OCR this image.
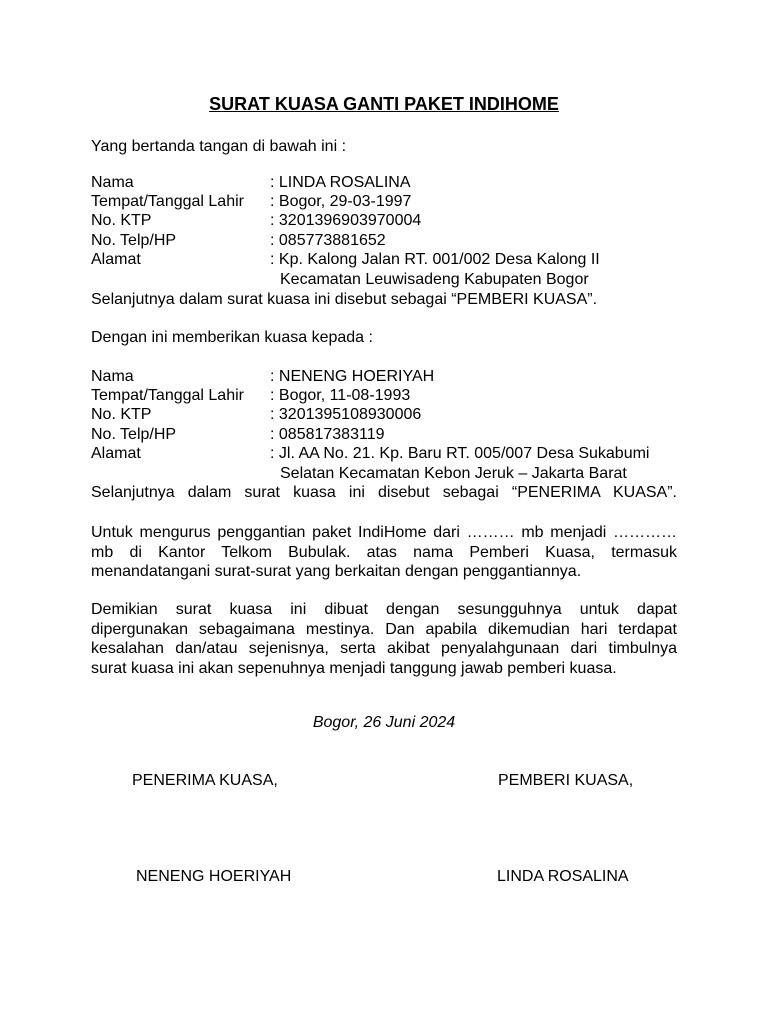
SURAT KUASA GANTI PAKET INDIHOME
Yang bertanda tangan di bawah ini :
Nama	: LINDA ROSALINA
Tempat/Tanggal Lahir : Bogor, 29-03-1997
No. KTP	: 3201396903970004
No. Telp/HP	: 085773881652
Alamat	: Kp. Kalong Jalan RT. 001/002 Desa Kalong II
Kecamatan Leuwisadeng Kabupaten Bogor
Selanjutnya dalam surat kuasa ini disebut sebagai “PEMBERI KUASA”.
Dengan ini memberikan kuasa kepada :
Nama	: NENENG HOERIYAH
Tempat/Tanggal Lahir : Bogor, 11-08-1993
No. KTP	: 3201395108930006
No. Telp/HP	: 085817383119
Alamat	: Jl. AA No. 21. Kp. Baru RT. 005/007 Desa Sukabumi
Selatan Kecamatan Kebon Jeruk – Jakarta Barat
Selanjutnya dalam surat kuasa ini disebut sebagai “PENERIMA KUASA”.
Untuk mengurus penggantian paket IndiHome dari ……… mb menjadi …………
mb di Kantor Telkom Bubulak. atas nama Pemberi Kuasa, termasuk
menandatangani surat-surat yang berkaitan dengan penggantiannya.
Demikian surat kuasa ini dibuat dengan sesungguhnya untuk dapat
dipergunakan sebagaimana mestinya. Dan apabila dikemudian hari terdapat
kesalahan dan/atau sejenisnya, serta akibat penyalahgunaan dari timbulnya
surat kuasa ini akan sepenuhnya menjadi tanggung jawab pemberi kuasa.
Bogor, 26 Juni 2024
PENERIMA KUASA,	PEMBERI KUASA,
NENENG HOERIYAH	LINDA ROSALINA
